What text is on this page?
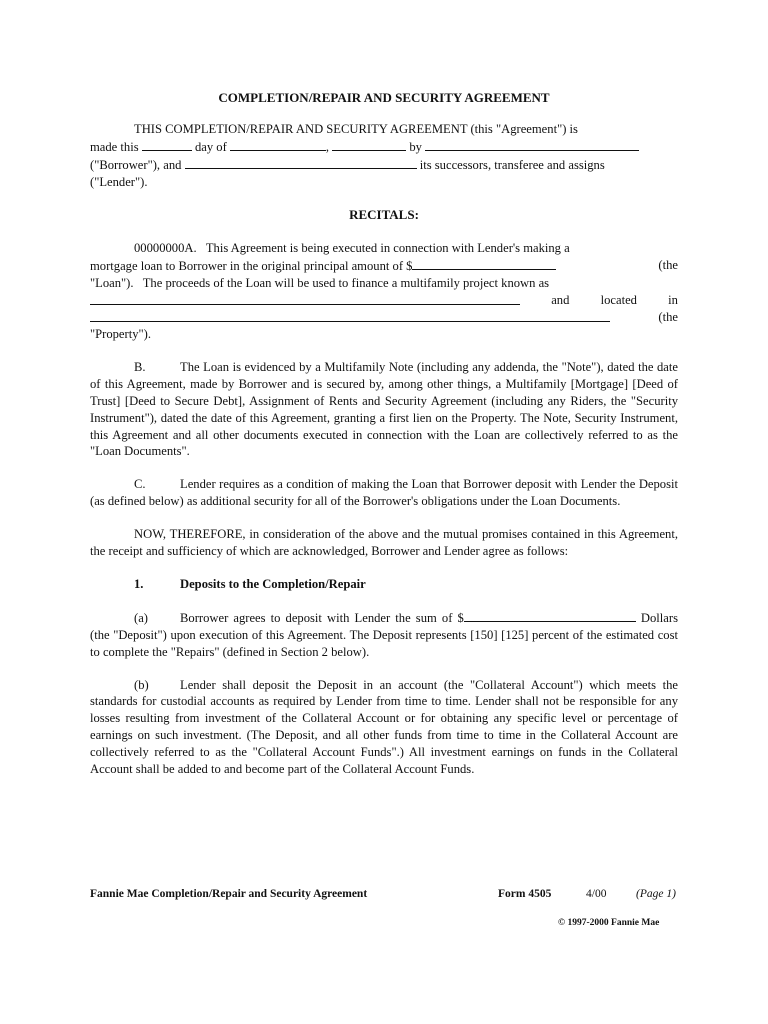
COMPLETION/REPAIR AND SECURITY AGREEMENT
THIS COMPLETION/REPAIR AND SECURITY AGREEMENT (this "Agreement") is
made this	day of	,	by
("Borrower"), and	its successors, transferee and assigns
("Lender").
RECITALS:
00000000A.   This Agreement is being executed in connection with Lender's making a
mortgage loan to Borrower in the original principal amount of $	(the
"Loan").   The proceeds of the Loan will be used to finance a multifamily project known as
and located in
(the
"Property").

B.	The Loan is evidenced by a Multifamily Note (including any addenda, the "Note"), dated the date of this Agreement, made by Borrower and is secured by, among other things, a Multifamily [Mortgage] [Deed of Trust] [Deed to Secure Debt], Assignment of Rents and Security Agreement (including any Riders, the "Security Instrument"), dated the date of this Agreement, granting a first lien on the Property. The Note, Security Instrument, this Agreement and all other documents executed in connection with the Loan are collectively referred to as the "Loan Documents".

C.	Lender requires as a condition of making the Loan that Borrower deposit with Lender the Deposit (as defined below) as additional security for all of the Borrower's obligations under the Loan Documents.

NOW, THEREFORE, in consideration of the above and the mutual promises contained in this Agreement, the receipt and sufficiency of which are acknowledged, Borrower and Lender agree as follows:

1.	Deposits to the Completion/Repair

(a)	Borrower agrees to deposit with Lender the sum of $	Dollars (the "Deposit") upon execution of this Agreement. The Deposit represents [150] [125] percent of the estimated cost to complete the "Repairs" (defined in Section 2 below).

(b) Lender shall deposit the Deposit in an account (the "Collateral Account") which meets the standards for custodial accounts as required by Lender from time to time. Lender shall not be responsible for any losses resulting from investment of the Collateral Account or for obtaining any specific level or percentage of earnings on such investment. (The Deposit, and all other funds from time to time in the Collateral Account are collectively referred to as the "Collateral Account Funds".) All investment earnings on funds in the Collateral Account shall be added to and become part of the Collateral Account Funds.

Fannie Mae Completion/Repair and Security Agreement	Form 4505	4/00	(Page 1)
© 1997-2000 Fannie Mae
